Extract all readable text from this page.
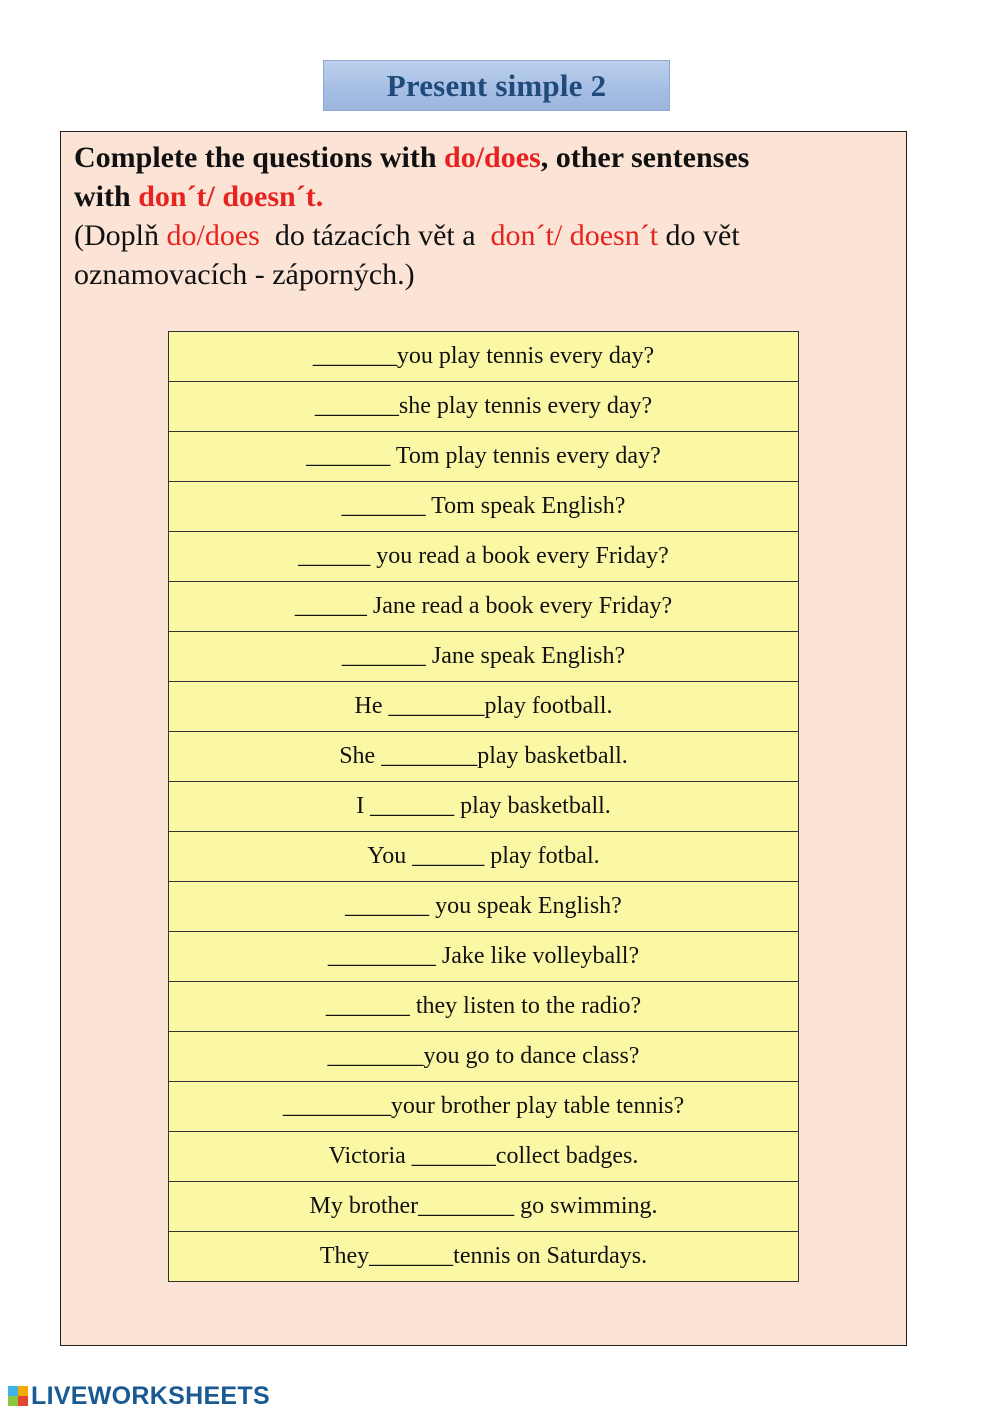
Present simple 2
Complete the questions with do/does, other sentenses
with don´t/ doesn´t.
(Doplň do/does  do tázacích vět a  don´t/ doesn´t do vět
oznamovacích - záporných.)
_______you play tennis every day?
_______she play tennis every day?
_______ Tom play tennis every day?
_______ Tom speak English?
______ you read a book every Friday?
______ Jane read a book every Friday?
_______ Jane speak English?
He ________play football.
She ________play basketball.
I _______ play basketball.
You ______ play fotbal.
_______ you speak English?
_________ Jake like volleyball?
_______ they listen to the radio?
________you go to dance class?
_________your brother play table tennis?
Victoria _______collect badges.
My brother________ go swimming.
They_______tennis on Saturdays.
LIVEWORKSHEETS
